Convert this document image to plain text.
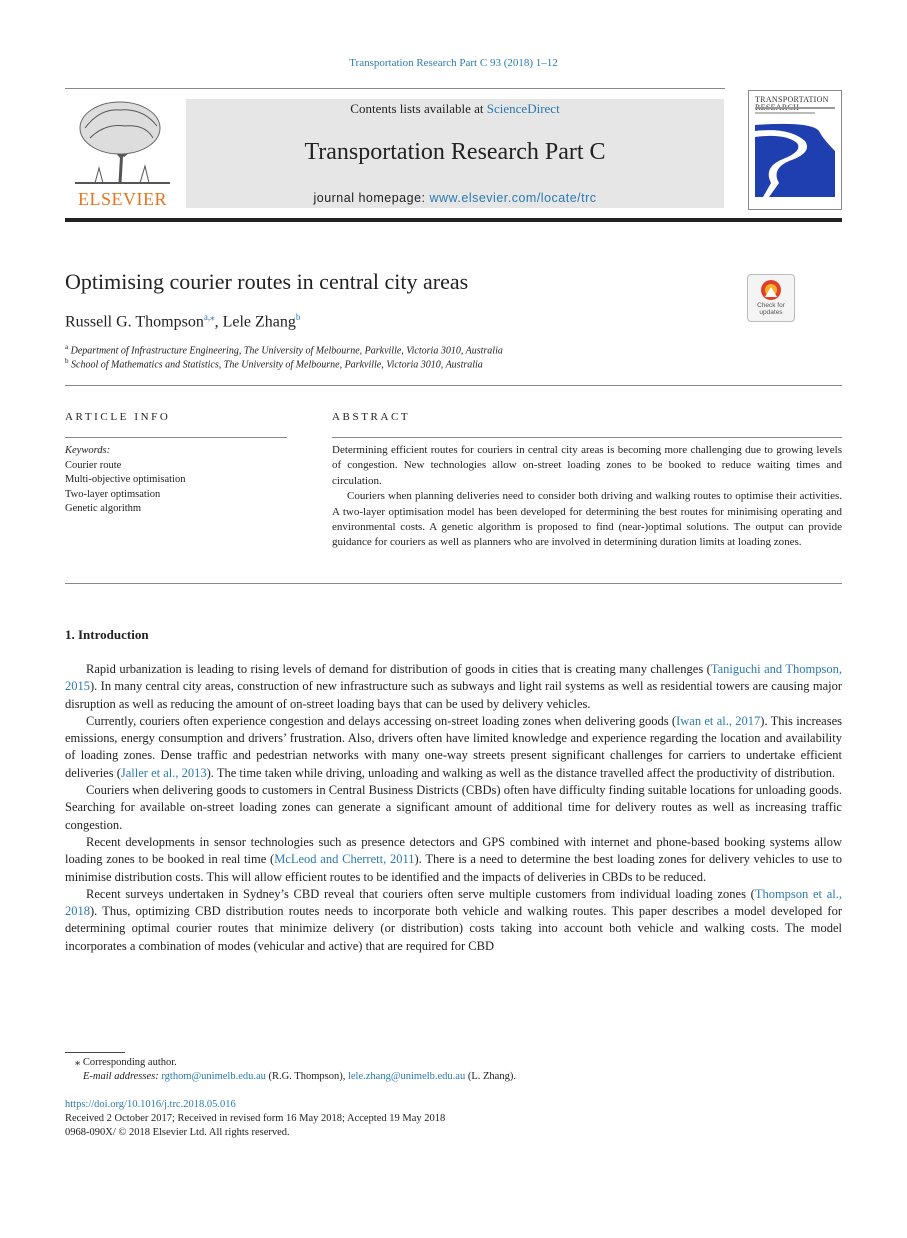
Transportation Research Part C 93 (2018) 1–12
ELSEVIER
Contents lists available at ScienceDirect
Transportation Research Part C
journal homepage: www.elsevier.com/locate/trc
TRANSPORTATION
Optimising courier routes in central city areas
Russell G. Thompson$^{a,⁎}$, Lele Zhang$^b$
Check for updates
$^a$ Department of Infrastructure Engineering, The University of Melbourne, Parkville, Victoria 3010, Australia
$^b$ School of Mathematics and Statistics, The University of Melbourne, Parkville, Victoria 3010, Australia
ARTICLE INFO	ABSTRACT
Keywords:
Courier route
Multi-objective optimisation
Two-layer optimsation
Genetic algorithm

Determining efficient routes for couriers in central city areas is becoming more challenging due to growing levels of congestion. New technologies allow on-street loading zones to be booked to reduce waiting times and circulation.

Couriers when planning deliveries need to consider both driving and walking routes to optimise their activities. A two-layer optimisation model has been developed for determining the best routes for minimising operating and environmental costs. A genetic algorithm is proposed to find (near-)optimal solutions. The output can provide guidance for couriers as well as planners who are involved in determining duration limits at loading zones.

1. Introduction

Rapid urbanization is leading to rising levels of demand for distribution of goods in cities that is creating many challenges (Taniguchi and Thompson, 2015). In many central city areas, construction of new infrastructure such as subways and light rail systems as well as residential towers are causing major disruption as well as reducing the amount of on-street loading bays that can be used by delivery vehicles.

Currently, couriers often experience congestion and delays accessing on-street loading zones when delivering goods (Iwan et al., 2017). This increases emissions, energy consumption and drivers’ frustration. Also, drivers often have limited knowledge and experience regarding the location and availability of loading zones. Dense traffic and pedestrian networks with many one-way streets present significant challenges for carriers to undertake efficient deliveries (Jaller et al., 2013). The time taken while driving, unloading and walking as well as the distance travelled affect the productivity of distribution.

Couriers when delivering goods to customers in Central Business Districts (CBDs) often have difficulty finding suitable locations for unloading goods. Searching for available on-street loading zones can generate a significant amount of additional time for delivery routes as well as increasing traffic congestion.

Recent developments in sensor technologies such as presence detectors and GPS combined with internet and phone-based booking systems allow loading zones to be booked in real time (McLeod and Cherrett, 2011). There is a need to determine the best loading zones for delivery vehicles to use to minimise distribution costs. This will allow efficient routes to be identified and the impacts of deliveries in CBDs to be reduced.

Recent surveys undertaken in Sydney’s CBD reveal that couriers often serve multiple customers from individual loading zones (Thompson et al., 2018). Thus, optimizing CBD distribution routes needs to incorporate both vehicle and walking routes. This paper describes a model developed for determining optimal courier routes that minimize delivery (or distribution) costs taking into account both vehicle and walking costs. The model incorporates a combination of modes (vehicular and active) that are required for CBD

⁎ Corresponding author.
E-mail addresses: rgthom@unimelb.edu.au (R.G. Thompson), lele.zhang@unimelb.edu.au (L. Zhang).
https://doi.org/10.1016/j.trc.2018.05.016
Received 2 October 2017; Received in revised form 16 May 2018; Accepted 19 May 2018
0968-090X/ © 2018 Elsevier Ltd. All rights reserved.
